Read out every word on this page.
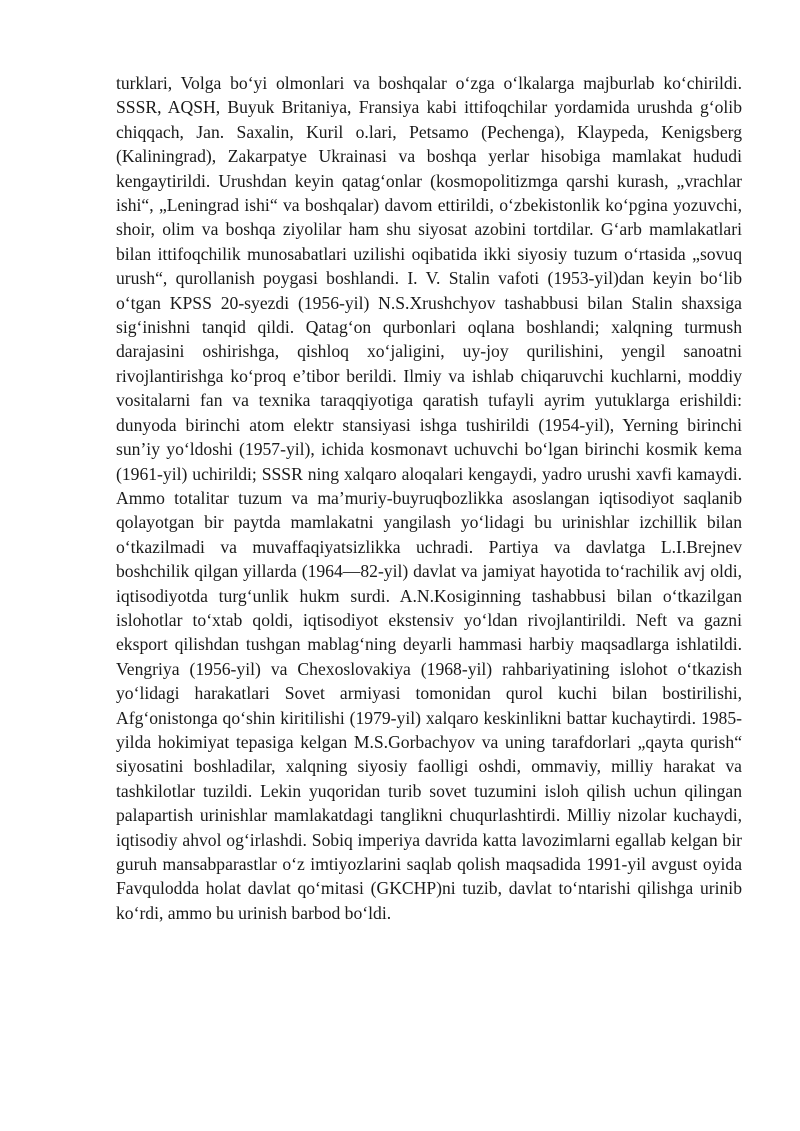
turklari, Volga bo‘yi olmonlari va boshqalar o‘zga o‘lkalarga majburlab ko‘chirildi. SSSR, AQSH, Buyuk Britaniya, Fransiya kabi ittifoqchilar yordamida urushda g‘olib chiqqach, Jan. Saxalin, Kuril o.lari, Petsamo (Pechenga), Klaypeda, Kenigsberg (Kaliningrad), Zakarpatye Ukrainasi va boshqa yerlar hisobiga mamlakat hududi kengaytirildi. Urushdan keyin qatag‘onlar (kosmopolitizmga qarshi kurash, „vrachlar ishi“, „Leningrad ishi“ va boshqalar) davom ettirildi, o‘zbekistonlik ko‘pgina yozuvchi, shoir, olim va boshqa ziyolilar ham shu siyosat azobini tortdilar. G‘arb mamlakatlari bilan ittifoqchilik munosabatlari uzilishi oqibatida ikki siyosiy tuzum o‘rtasida „sovuq urush“, qurollanish poygasi boshlandi. I. V. Stalin vafoti (1953-yil)dan keyin bo‘lib o‘tgan KPSS 20-syezdi (1956-yil) N.S.Xrushchyov tashabbusi bilan Stalin shaxsiga sig‘inishni tanqid qildi. Qatag‘on qurbonlari oqlana boshlandi; xalqning turmush darajasini oshirishga, qishloq xo‘jaligini, uy-joy qurilishini, yengil sanoatni rivojlantirishga ko‘proq e’tibor berildi. Ilmiy va ishlab chiqaruvchi kuchlarni, moddiy vositalarni fan va texnika taraqqiyotiga qaratish tufayli ayrim yutuklarga erishildi: dunyoda birinchi atom elektr stansiyasi ishga tushirildi (1954-yil), Yerning birinchi sun’iy yo‘ldoshi (1957-yil), ichida kosmonavt uchuvchi bo‘lgan birinchi kosmik kema (1961-yil) uchirildi; SSSR ning xalqaro aloqalari kengaydi, yadro urushi xavfi kamaydi. Ammo totalitar tuzum va ma’muriy-buyruqbozlikka asoslangan iqtisodiyot saqlanib qolayotgan bir paytda mamlakatni yangilash yo‘lidagi bu urinishlar izchillik bilan o‘tkazilmadi va muvaffaqiyatsizlikka uchradi. Partiya va davlatga L.I.Brejnev boshchilik qilgan yillarda (1964—82-yil) davlat va jamiyat hayotida to‘rachilik avj oldi, iqtisodiyotda turg‘unlik hukm surdi. A.N.Kosiginning tashabbusi bilan o‘tkazilgan islohotlar to‘xtab qoldi, iqtisodiyot ekstensiv yo‘ldan rivojlantirildi. Neft va gazni eksport qilishdan tushgan mablag‘ning deyarli hammasi harbiy maqsadlarga ishlatildi. Vengriya (1956-yil) va Chexoslovakiya (1968-yil) rahbariyatining islohot o‘tkazish yo‘lidagi harakatlari Sovet armiyasi tomonidan qurol kuchi bilan bostirilishi, Afg‘onistonga qo‘shin kiritilishi (1979-yil) xalqaro keskinlikni battar kuchaytirdi. 1985-yilda hokimiyat tepasiga kelgan M.S.Gorbachyov va uning tarafdorlari „qayta qurish“ siyosatini boshladilar, xalqning siyosiy faolligi oshdi, ommaviy, milliy harakat va tashkilotlar tuzildi. Lekin yuqoridan turib sovet tuzumini isloh qilish uchun qilingan palapartish urinishlar mamlakatdagi tanglikni chuqurlashtirdi. Milliy nizolar kuchaydi, iqtisodiy ahvol og‘irlashdi. Sobiq imperiya davrida katta lavozimlarni egallab kelgan bir guruh mansabparastlar o‘z imtiyozlarini saqlab qolish maqsadida 1991-yil avgust oyida Favqulodda holat davlat qo‘mitasi (GKCHP)ni tuzib, davlat to‘ntarishi qilishga urinib ko‘rdi, ammo bu urinish barbod bo‘ldi.
